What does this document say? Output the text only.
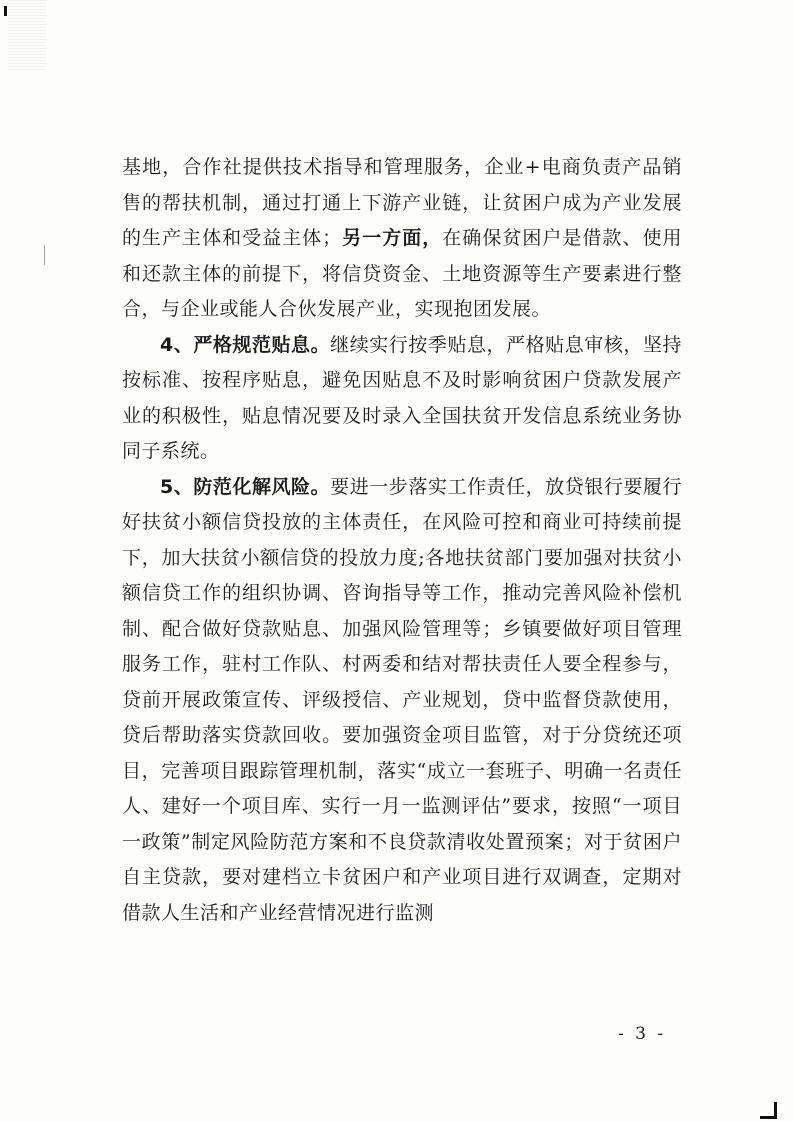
基地，合作社提供技术指导和管理服务，企业+电商负责产品销售的帮扶机制，通过打通上下游产业链，让贫困户成为产业发展的生产主体和受益主体；另一方面，在确保贫困户是借款、使用和还款主体的前提下，将信贷资金、土地资源等生产要素进行整合，与企业或能人合伙发展产业，实现抱团发展。

4、严格规范贴息。继续实行按季贴息，严格贴息审核，坚持按标准、按程序贴息，避免因贴息不及时影响贫困户贷款发展产业的积极性，贴息情况要及时录入全国扶贫开发信息系统业务协同子系统。

5、防范化解风险。要进一步落实工作责任，放贷银行要履行好扶贫小额信贷投放的主体责任，在风险可控和商业可持续前提下，加大扶贫小额信贷的投放力度;各地扶贫部门要加强对扶贫小额信贷工作的组织协调、咨询指导等工作，推动完善风险补偿机制、配合做好贷款贴息、加强风险管理等；乡镇要做好项目管理服务工作，驻村工作队、村两委和结对帮扶责任人要全程参与，贷前开展政策宣传、评级授信、产业规划，贷中监督贷款使用，贷后帮助落实贷款回收。要加强资金项目监管，对于分贷统还项目，完善项目跟踪管理机制，落实“成立一套班子、明确一名责任人、建好一个项目库、实行一月一监测评估”要求，按照“一项目一政策”制定风险防范方案和不良贷款清收处置预案；对于贫困户自主贷款，要对建档立卡贫困户和产业项目进行双调查，定期对借款人生活和产业经营情况进行监测

- 3 -
